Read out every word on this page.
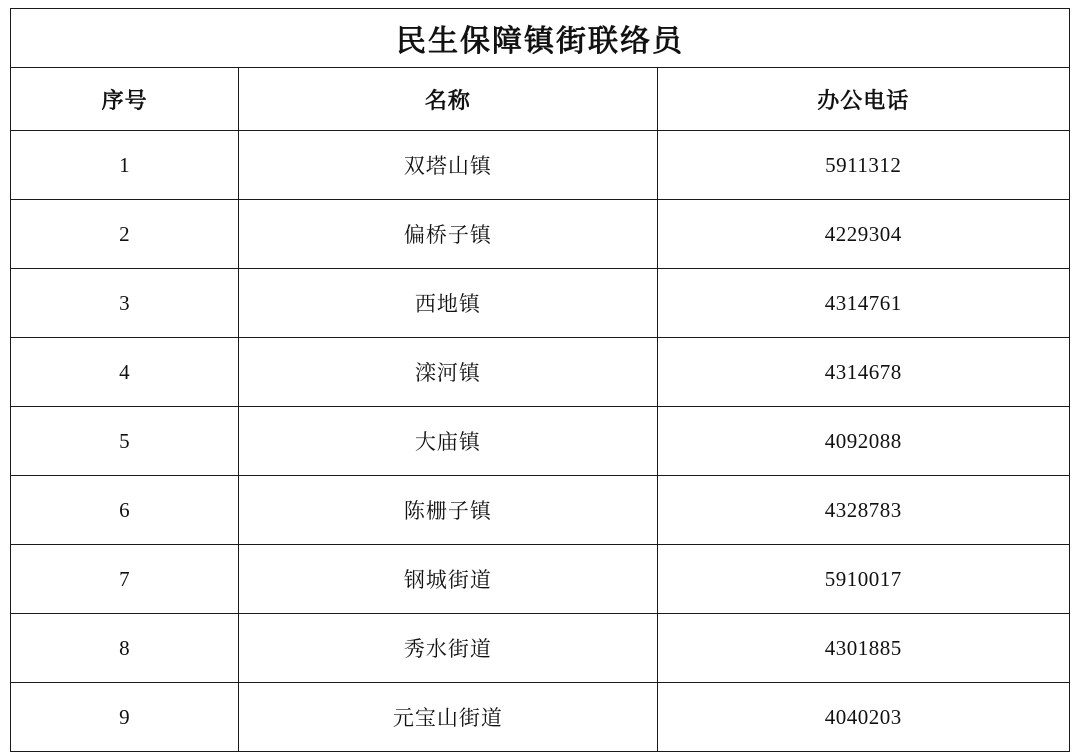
民生保障镇街联络员		
序号	名称	办公电话
1	双塔山镇	5911312
2	偏桥子镇	4229304
3	西地镇	4314761
4	滦河镇	4314678
5	大庙镇	4092088
6	陈栅子镇	4328783
7	钢城街道	5910017
8	秀水街道	4301885
9	元宝山街道	4040203
